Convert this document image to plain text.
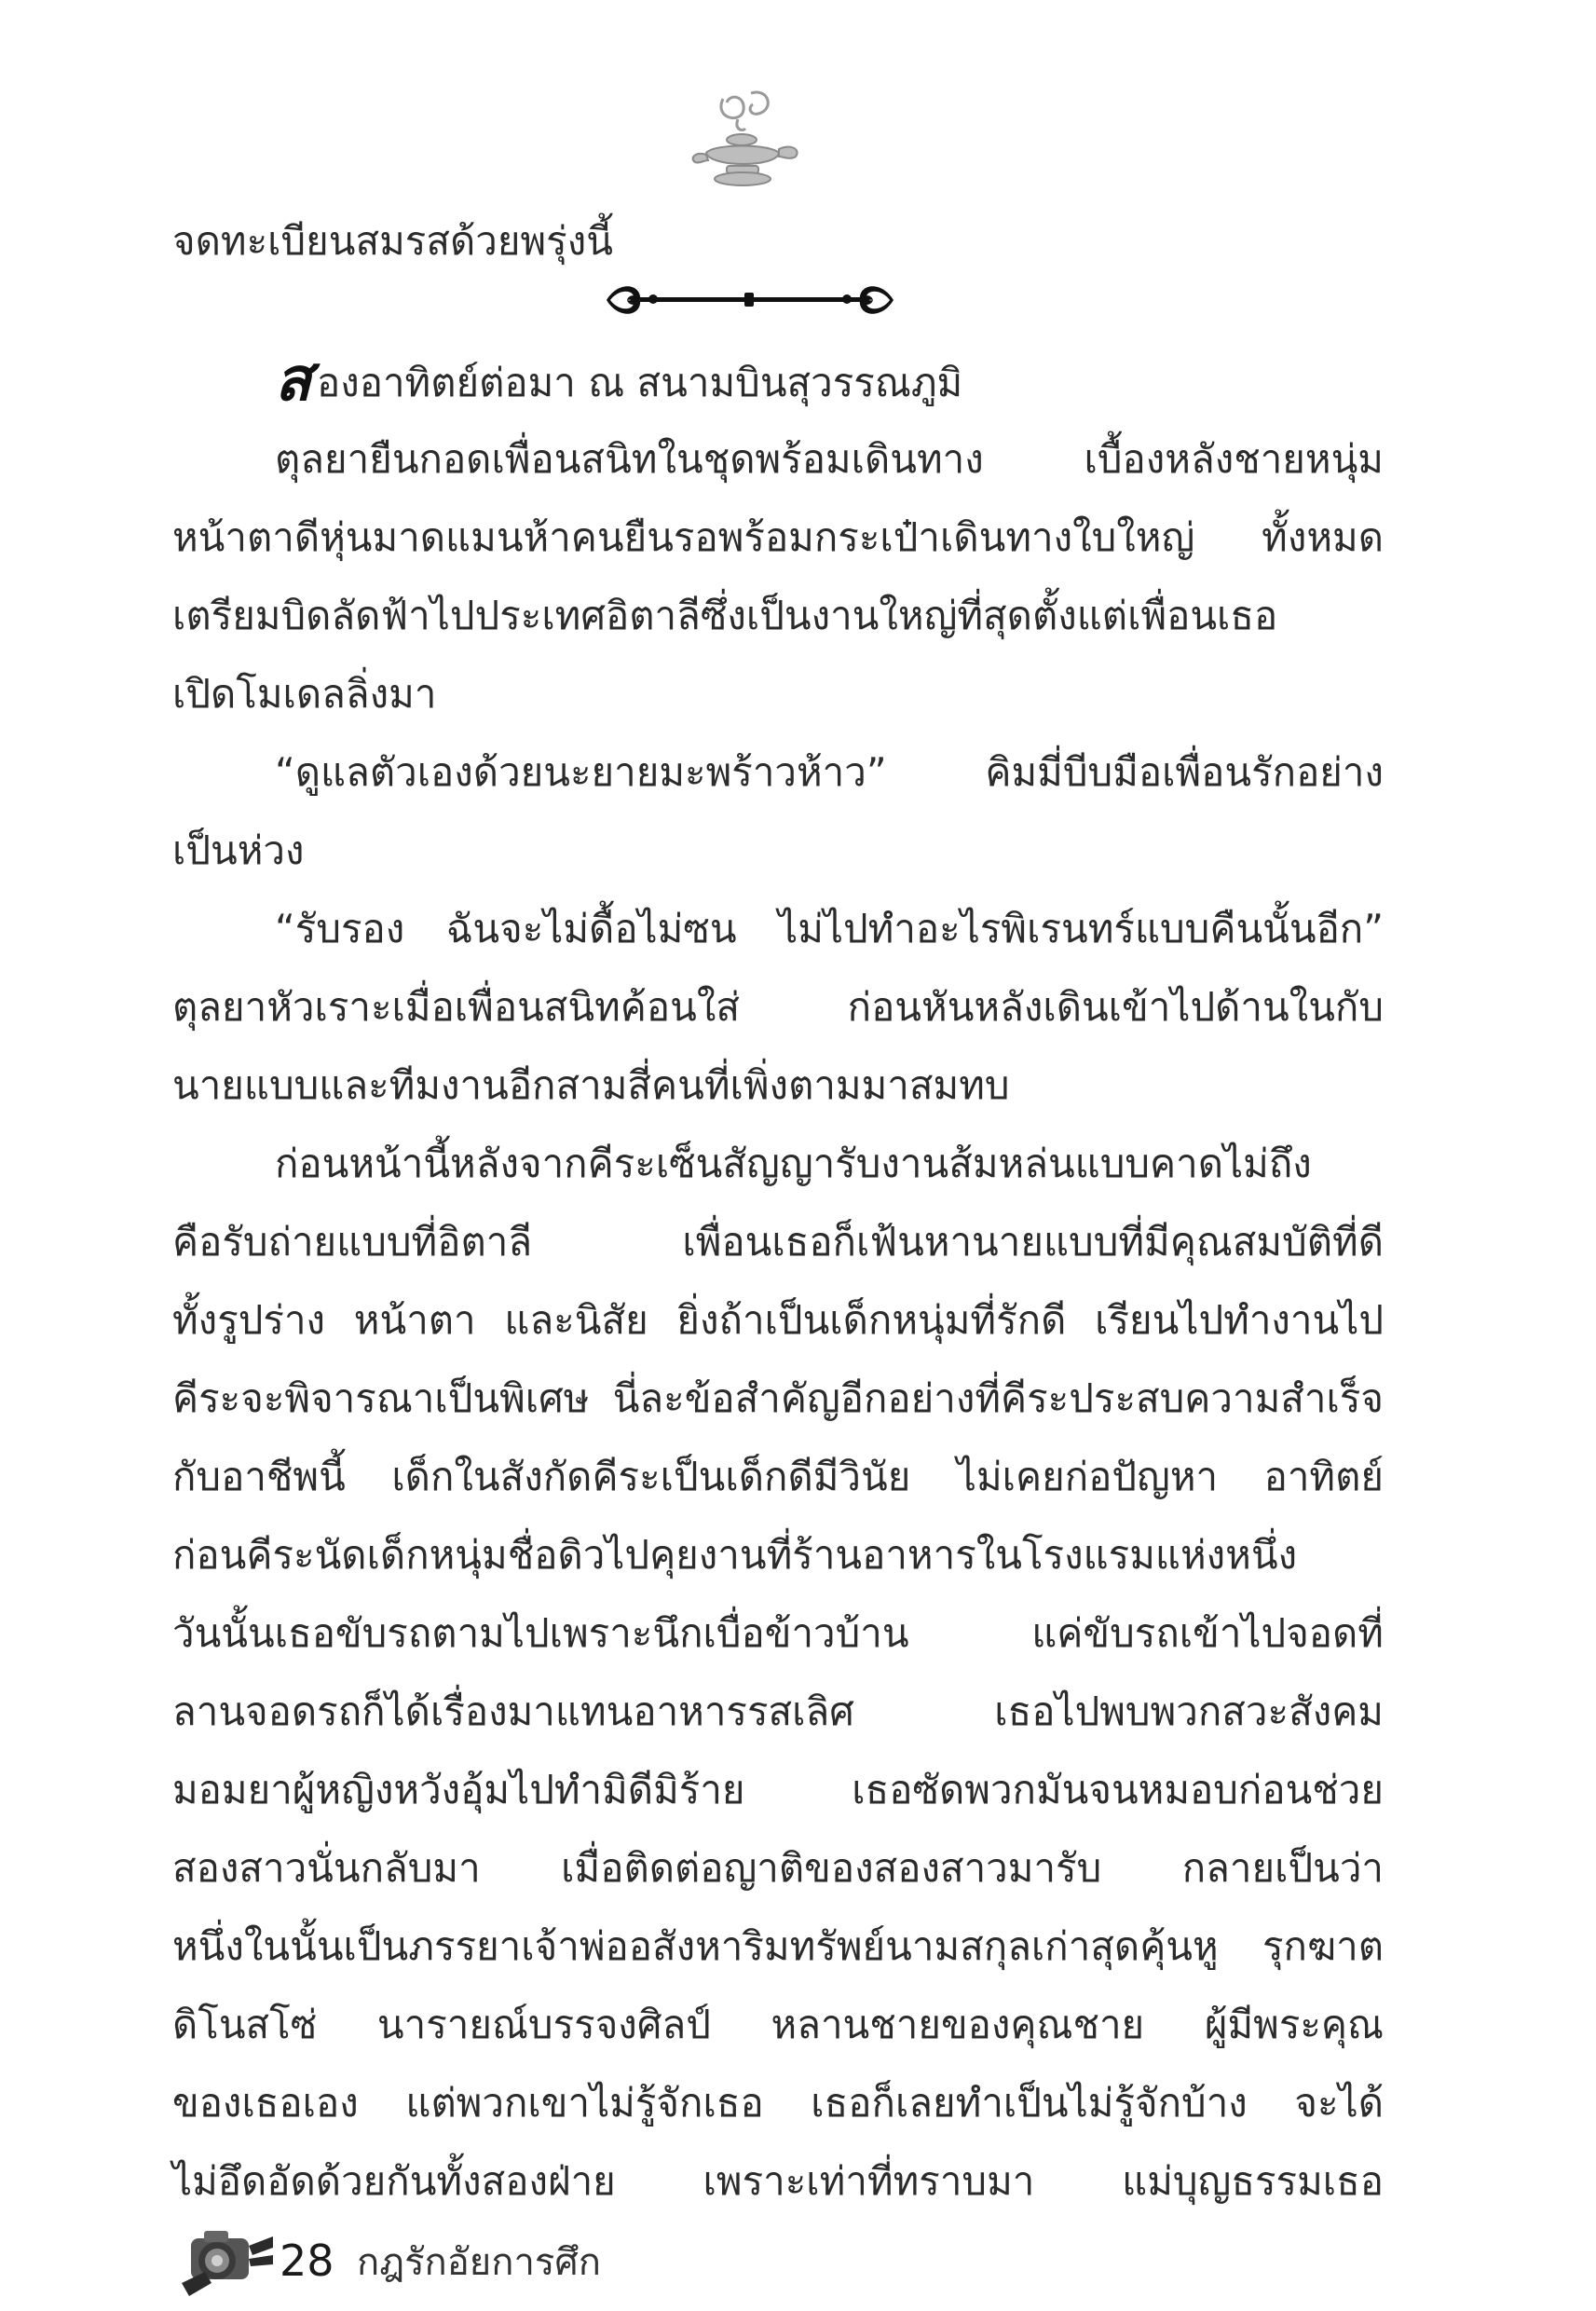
จดทะเบียนสมรสด้วยพรุ่งนี้
ส องอาทิตย์ต่อมา ณ สนามบินสุวรรณภูมิ
ตุลยายืนกอดเพื่อนสนิทในชุดพร้อมเดินทาง เบื้องหลังชายหนุ่ม
หน้าตาดีหุ่นมาดแมนห้าคนยืนรอพร้อมกระเป๋าเดินทางใบใหญ่ ทั้งหมด
เตรียมบิดลัดฟ้าไปประเทศอิตาลีซึ่งเป็นงานใหญ่ที่สุดตั้งแต่เพื่อนเธอ
เปิดโมเดลลิ่งมา
“ดูแลตัวเองด้วยนะยายมะพร้าวห้าว” คิมมี่บีบมือเพื่อนรักอย่าง
เป็นห่วง
“รับรอง ฉันจะไม่ดื้อไม่ซน ไม่ไปทำอะไรพิเรนทร์แบบคืนนั้นอีก”
ตุลยาหัวเราะเมื่อเพื่อนสนิทค้อนใส่ ก่อนหันหลังเดินเข้าไปด้านในกับ
นายแบบและทีมงานอีกสามสี่คนที่เพิ่งตามมาสมทบ
ก่อนหน้านี้หลังจากคีระเซ็นสัญญารับงานส้มหล่นแบบคาดไม่ถึง
คือรับถ่ายแบบที่อิตาลี เพื่อนเธอก็เฟ้นหานายแบบที่มีคุณสมบัติที่ดี
ทั้งรูปร่าง หน้าตา และนิสัย ยิ่งถ้าเป็นเด็กหนุ่มที่รักดี เรียนไปทำงานไป
คีระจะพิจารณาเป็นพิเศษ นี่ละข้อสำคัญอีกอย่างที่คีระประสบความสำเร็จ
กับอาชีพนี้ เด็กในสังกัดคีระเป็นเด็กดีมีวินัย ไม่เคยก่อปัญหา อาทิตย์
ก่อนคีระนัดเด็กหนุ่มชื่อดิวไปคุยงานที่ร้านอาหารในโรงแรมแห่งหนึ่ง
วันนั้นเธอขับรถตามไปเพราะนึกเบื่อข้าวบ้าน แค่ขับรถเข้าไปจอดที่
ลานจอดรถก็ได้เรื่องมาแทนอาหารรสเลิศ เธอไปพบพวกสวะสังคม
มอมยาผู้หญิงหวังอุ้มไปทำมิดีมิร้าย เธอซัดพวกมันจนหมอบก่อนช่วย
สองสาวนั่นกลับมา เมื่อติดต่อญาติของสองสาวมารับ กลายเป็นว่า
หนึ่งในนั้นเป็นภรรยาเจ้าพ่ออสังหาริมทรัพย์นามสกุลเก่าสุดคุ้นหู รุกฆาต
ดิโนสโซ่ นารายณ์บรรจงศิลป์ หลานชายของคุณชาย ผู้มีพระคุณ
ของเธอเอง แต่พวกเขาไม่รู้จักเธอ เธอก็เลยทำเป็นไม่รู้จักบ้าง จะได้
ไม่อึดอัดด้วยกันทั้งสองฝ่าย เพราะเท่าที่ทราบมา แม่บุญธรรมเธอ
28 กฎรักอัยการศึก
